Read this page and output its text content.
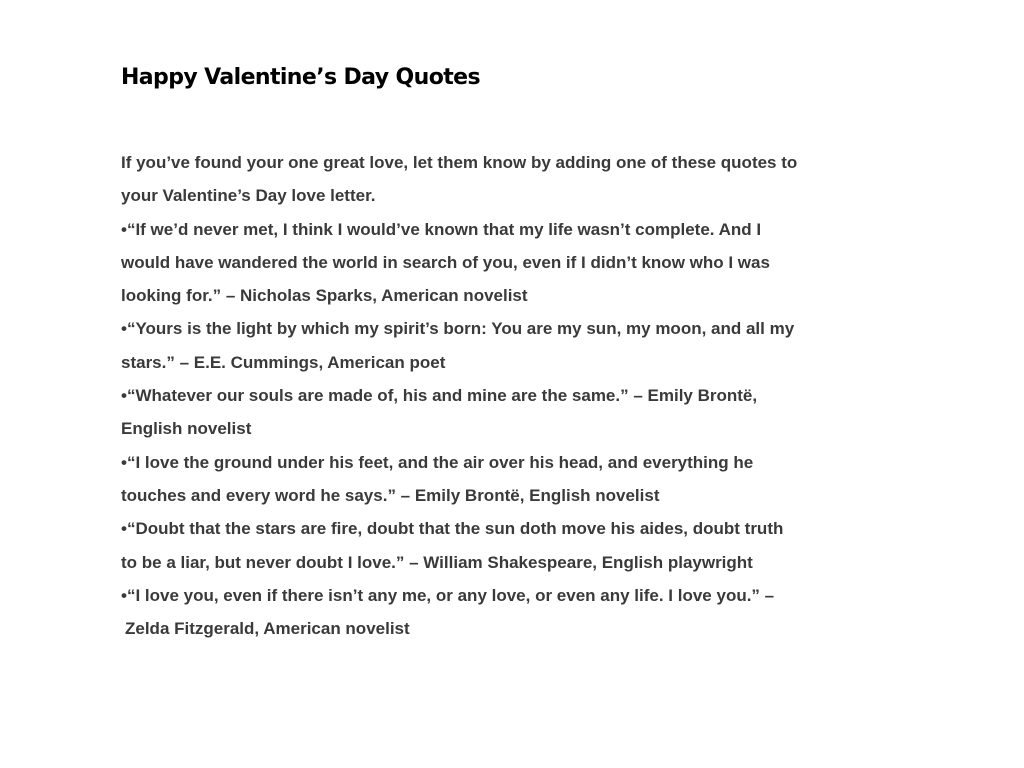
Happy Valentine’s Day Quotes
If you’ve found your one great love, let them know by adding one of these quotes to
your Valentine’s Day love letter.
•“If we’d never met, I think I would’ve known that my life wasn’t complete. And I
would have wandered the world in search of you, even if I didn’t know who I was
looking for.” – Nicholas Sparks, American novelist
•“Yours is the light by which my spirit’s born: You are my sun, my moon, and all my
stars.” – E.E. Cummings, American poet
•“Whatever our souls are made of, his and mine are the same.” – Emily Brontë,
English novelist
•“I love the ground under his feet, and the air over his head, and everything he
touches and every word he says.” – Emily Brontë, English novelist
•“Doubt that the stars are fire, doubt that the sun doth move his aides, doubt truth
to be a liar, but never doubt I love.” – William Shakespeare, English playwright
•“I love you, even if there isn’t any me, or any love, or even any life. I love you.” –
Zelda Fitzgerald, American novelist
